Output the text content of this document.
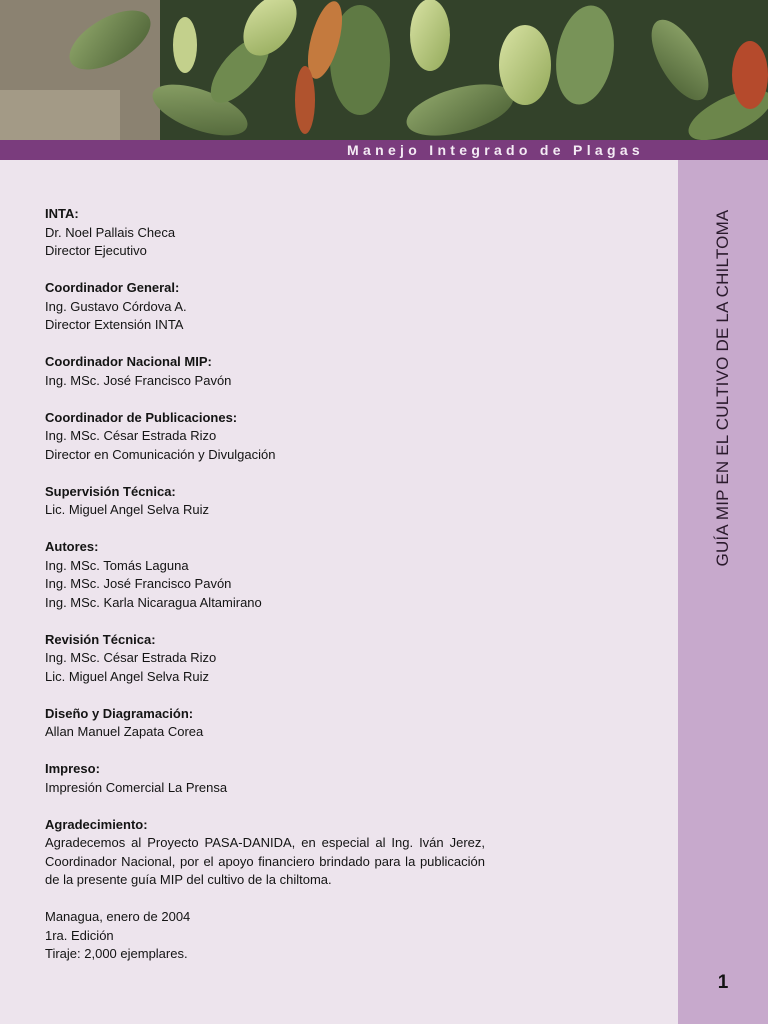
Manejo Integrado de Plagas
GUÍA MIP EN EL CULTIVO DE LA CHILTOMA
1
INTA:
Dr. Noel Pallais Checa
Director Ejecutivo
Coordinador General:
Ing. Gustavo Córdova A.
Director Extensión INTA
Coordinador Nacional MIP:
Ing. MSc. José Francisco Pavón
Coordinador de Publicaciones:
Ing. MSc. César Estrada Rizo
Director en Comunicación y Divulgación
Supervisión Técnica:
Lic. Miguel Angel Selva Ruiz
Autores:
Ing. MSc. Tomás Laguna
Ing. MSc. José Francisco Pavón
Ing. MSc. Karla Nicaragua Altamirano
Revisión Técnica:
Ing. MSc. César Estrada Rizo
Lic. Miguel Angel Selva Ruiz
Diseño y Diagramación:
Allan Manuel Zapata Corea
Impreso:
Impresión Comercial La Prensa
Agradecimiento:
Agradecemos al Proyecto PASA-DANIDA, en especial al Ing. Iván Jerez, Coordinador Nacional, por el apoyo financiero brindado para la publicación de la presente guía MIP del cultivo de la chiltoma.
Managua, enero de 2004
1ra. Edición
Tiraje: 2,000 ejemplares.
